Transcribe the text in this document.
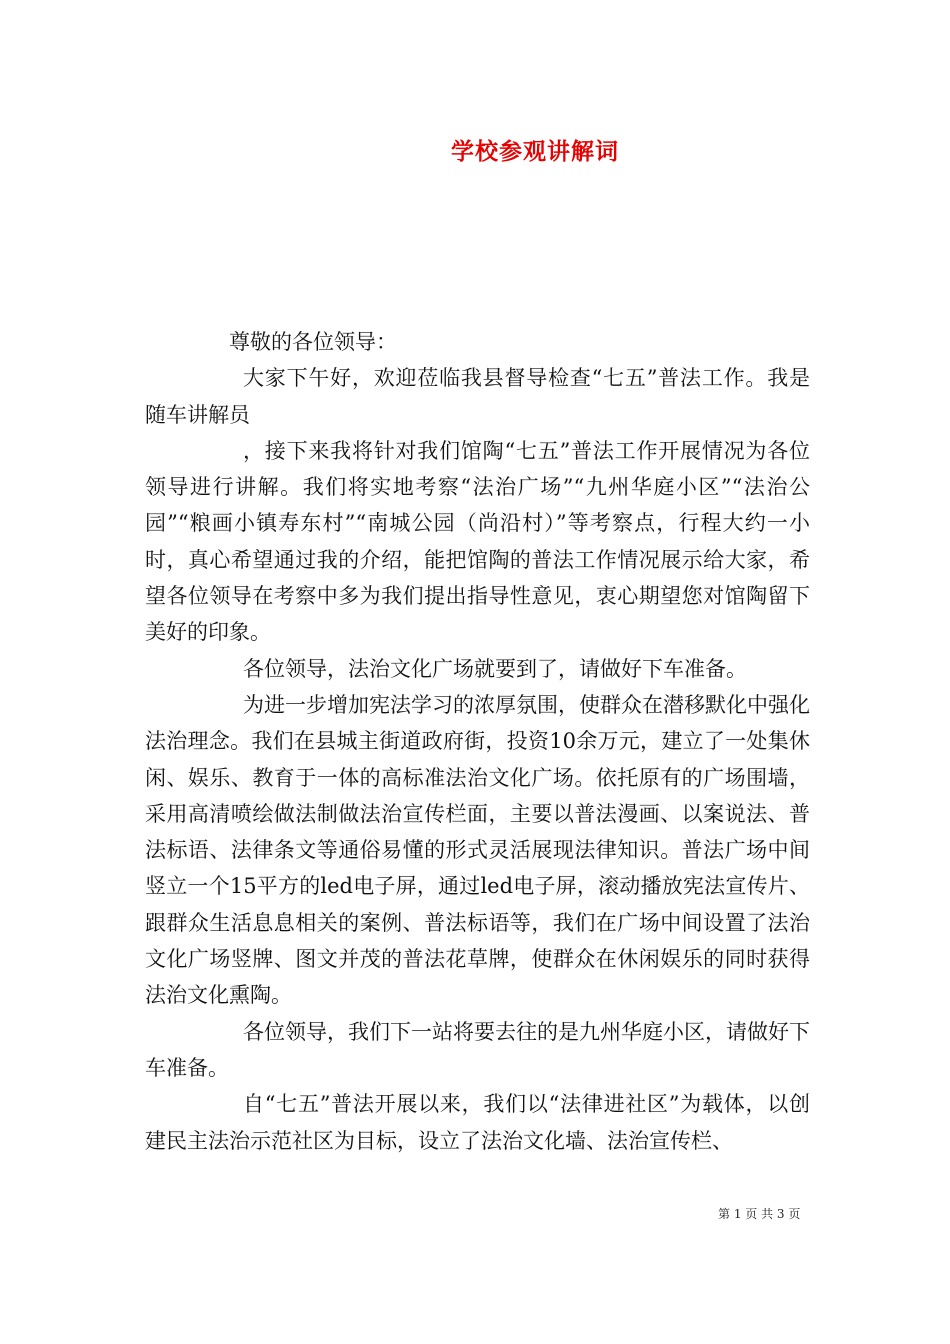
学校参观讲解词

尊敬的各位领导：

大家下午好，欢迎莅临我县督导检查“七五”普法工作。我是随车讲解员

，接下来我将针对我们馆陶“七五”普法工作开展情况为各位领导进行讲解。我们将实地考察“法治广场”“九州华庭小区”“法治公园”“粮画小镇寿东村”“南城公园（尚沿村）”等考察点，行程大约一小时，真心希望通过我的介绍，能把馆陶的普法工作情况展示给大家，希望各位领导在考察中多为我们提出指导性意见，衷心期望您对馆陶留下美好的印象。

各位领导，法治文化广场就要到了，请做好下车准备。

为进一步增加宪法学习的浓厚氛围，使群众在潜移默化中强化法治理念。我们在县城主街道政府街，投资10余万元，建立了一处集休闲、娱乐、教育于一体的高标准法治文化广场。依托原有的广场围墙，采用高清喷绘做法制做法治宣传栏面，主要以普法漫画、以案说法、普法标语、法律条文等通俗易懂的形式灵活展现法律知识。普法广场中间竖立一个15平方的led电子屏，通过led电子屏，滚动播放宪法宣传片、跟群众生活息息相关的案例、普法标语等，我们在广场中间设置了法治文化广场竖牌、图文并茂的普法花草牌，使群众在休闲娱乐的同时获得法治文化熏陶。

各位领导，我们下一站将要去往的是九州华庭小区，请做好下车准备。

自“七五”普法开展以来，我们以“法律进社区”为载体，以创建民主法治示范社区为目标，设立了法治文化墙、法治宣传栏、

第 1 页 共 3 页
